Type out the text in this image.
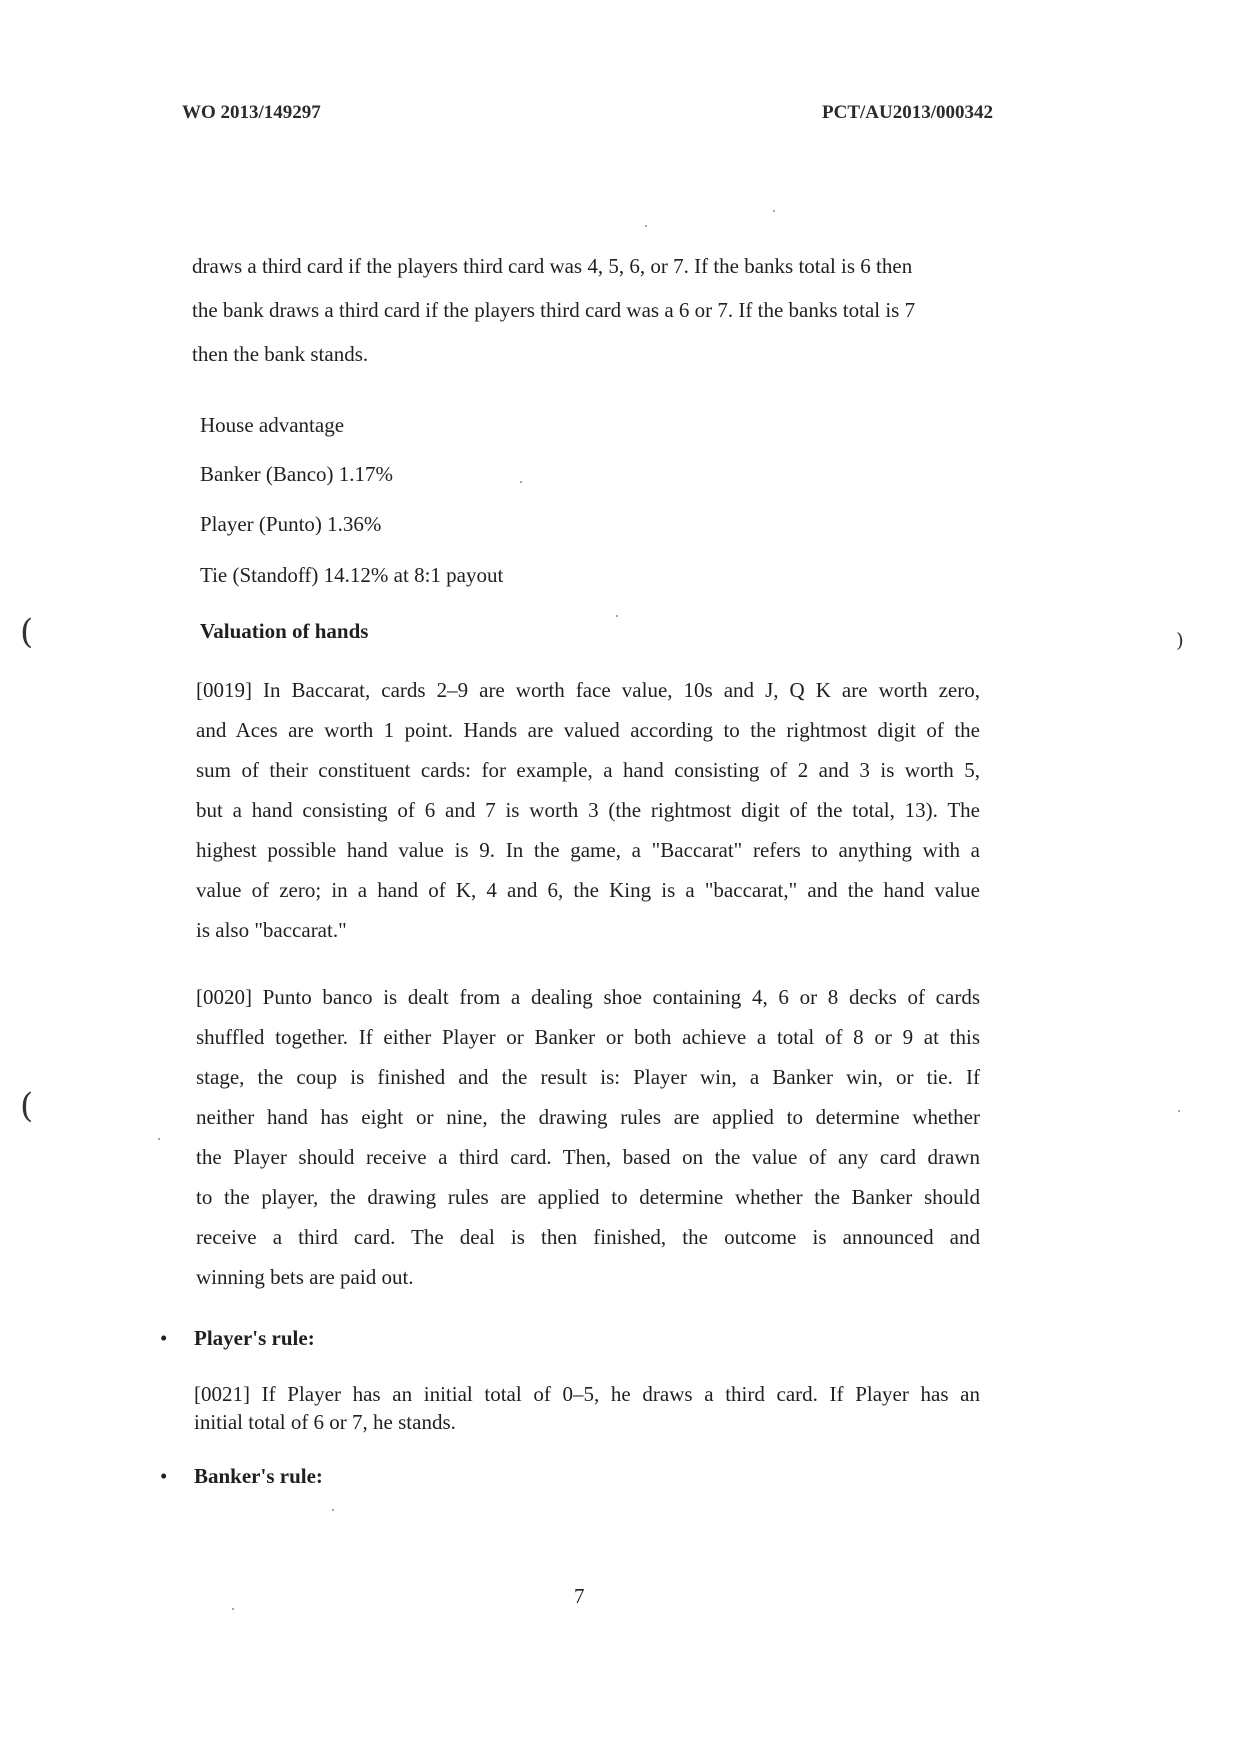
WO 2013/149297	PCT/AU2013/000342
draws a third card if the players third card was 4, 5, 6, or 7. If the banks total is 6 then
the bank draws a third card if the players third card was a 6 or 7. If the banks total is 7
then the bank stands.
House advantage
Banker (Banco) 1.17%
Player (Punto) 1.36%
Tie (Standoff) 14.12% at 8:1 payout
Valuation of hands
[0019] In Baccarat, cards 2–9 are worth face value, 10s and J, Q K are worth zero,
and Aces are worth 1 point. Hands are valued according to the rightmost digit of the
sum of their constituent cards: for example, a hand consisting of 2 and 3 is worth 5,
but a hand consisting of 6 and 7 is worth 3 (the rightmost digit of the total, 13). The
highest possible hand value is 9. In the game, a "Baccarat" refers to anything with a
value of zero; in a hand of K, 4 and 6, the King is a "baccarat," and the hand value
is also "baccarat."
[0020] Punto banco is dealt from a dealing shoe containing 4, 6 or 8 decks of cards
shuffled together. If either Player or Banker or both achieve a total of 8 or 9 at this
stage, the coup is finished and the result is: Player win, a Banker win, or tie. If
neither hand has eight or nine, the drawing rules are applied to determine whether
the Player should receive a third card. Then, based on the value of any card drawn
to the player, the drawing rules are applied to determine whether the Banker should
receive a third card. The deal is then finished, the outcome is announced and
winning bets are paid out.
• Player's rule:
[0021] If Player has an initial total of 0–5, he draws a third card. If Player has an
initial total of 6 or 7, he stands.
• Banker's rule:
7
(	)
(
